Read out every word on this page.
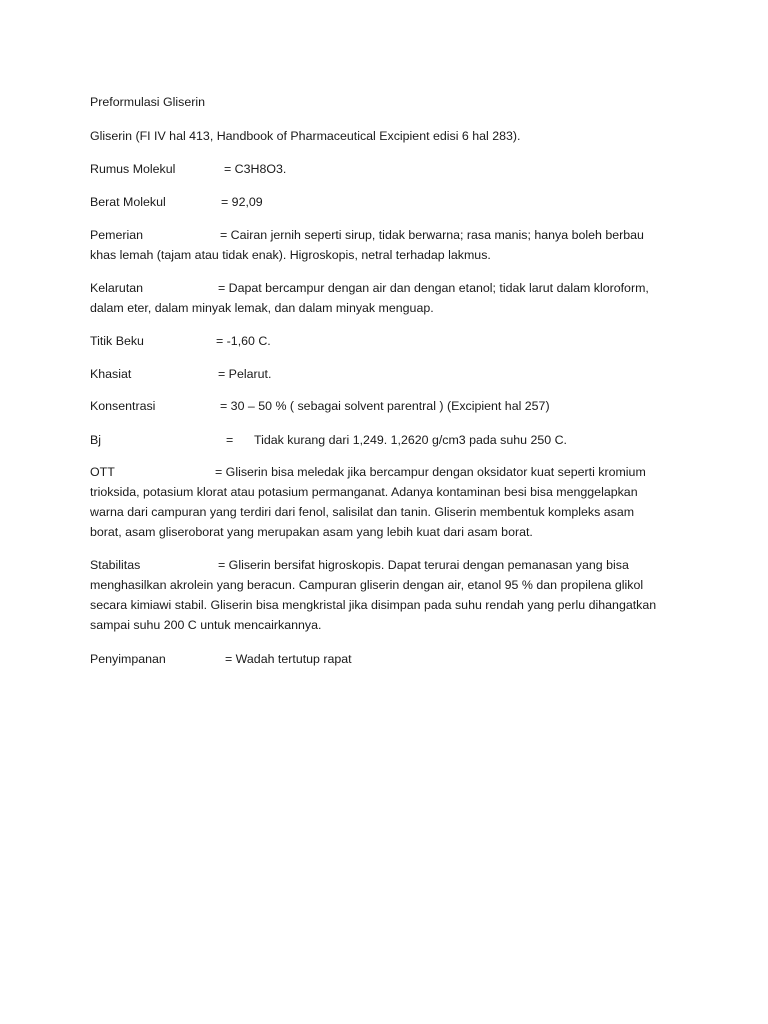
Preformulasi Gliserin
Gliserin (FI IV hal 413, Handbook of Pharmaceutical Excipient edisi 6 hal 283).
Rumus Molekul	= C3H8O3.
Berat Molekul	= 92,09
Pemerian	= Cairan jernih seperti sirup, tidak berwarna; rasa manis; hanya boleh berbau
khas lemah (tajam atau tidak enak). Higroskopis, netral terhadap lakmus.
Kelarutan	= Dapat bercampur dengan air dan dengan etanol; tidak larut dalam kloroform,
dalam eter, dalam minyak lemak, dan dalam minyak menguap.
Titik Beku	= -1,60 C.
Khasiat	= Pelarut.
Konsentrasi	= 30 – 50 % ( sebagai solvent parentral ) (Excipient hal 257)
Bj	= Tidak kurang dari 1,249. 1,2620 g/cm3 pada suhu 250 C.
OTT	= Gliserin bisa meledak jika bercampur dengan oksidator kuat seperti kromium
trioksida, potasium klorat atau potasium permanganat. Adanya kontaminan besi bisa menggelapkan
warna dari campuran yang terdiri dari fenol, salisilat dan tanin. Gliserin membentuk kompleks asam
borat, asam gliseroborat yang merupakan asam yang lebih kuat dari asam borat.
Stabilitas	= Gliserin bersifat higroskopis. Dapat terurai dengan pemanasan yang bisa
menghasilkan akrolein yang beracun. Campuran gliserin dengan air, etanol 95 % dan propilena glikol
secara kimiawi stabil. Gliserin bisa mengkristal jika disimpan pada suhu rendah yang perlu dihangatkan
sampai suhu 200 C untuk mencairkannya.
Penyimpanan	= Wadah tertutup rapat
